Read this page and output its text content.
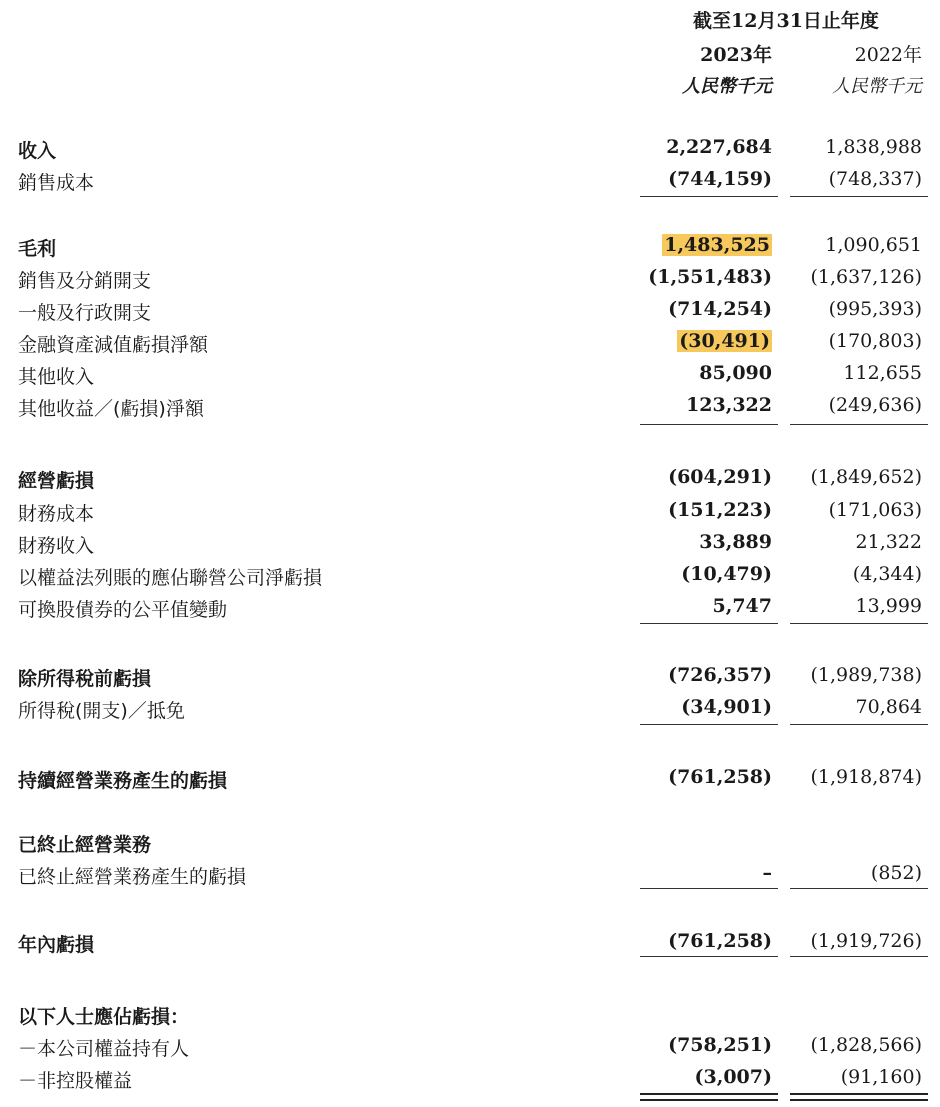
截至12月31日止年度
2023年	2022年
人民幣千元	人民幣千元
收入	2,227,684	1,838,988
銷售成本	(744,159)	(748,337)
毛利	1,483,525	1,090,651
銷售及分銷開支	(1,551,483)	(1,637,126)
一般及行政開支	(714,254)	(995,393)
金融資產減值虧損淨額	(30,491)	(170,803)
其他收入	85,090	112,655
其他收益／(虧損)淨額	123,322	(249,636)
經營虧損	(604,291)	(1,849,652)
財務成本	(151,223)	(171,063)
財務收入	33,889	21,322
以權益法列賬的應佔聯營公司淨虧損	(10,479)	(4,344)
可換股債券的公平值變動	5,747	13,999
除所得稅前虧損	(726,357)	(1,989,738)
所得稅(開支)／抵免	(34,901)	70,864
持續經營業務產生的虧損	(761,258)	(1,918,874)
已終止經營業務
已終止經營業務產生的虧損	–	(852)
年內虧損	(761,258)	(1,919,726)
以下人士應佔虧損：
－本公司權益持有人	(758,251)	(1,828,566)
－非控股權益	(3,007)	(91,160)
